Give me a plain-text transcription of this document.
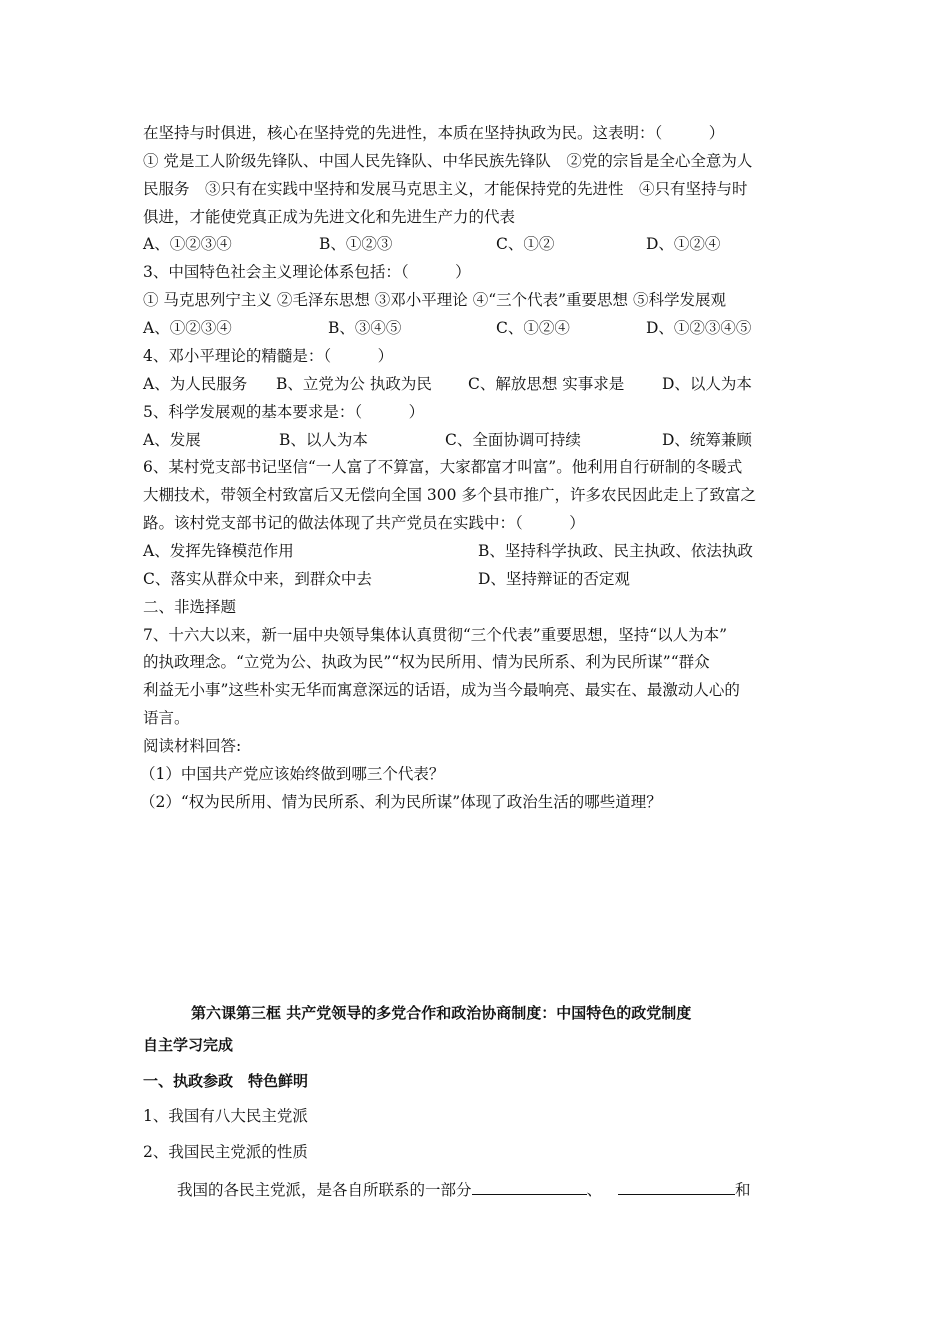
在坚持与时俱进，核心在坚持党的先进性，本质在坚持执政为民。这表明：（　　　）
① 党是工人阶级先锋队、中国人民先锋队、中华民族先锋队　②党的宗旨是全心全意为人
民服务　③只有在实践中坚持和发展马克思主义，才能保持党的先进性　④只有坚持与时
俱进，才能使党真正成为先进文化和先进生产力的代表
A、①②③④	B、①②③	C、①②	D、①②④
3、中国特色社会主义理论体系包括：（　　　）
① 马克思列宁主义 ②毛泽东思想 ③邓小平理论 ④“三个代表”重要思想 ⑤科学发展观
A、①②③④	B、③④⑤	C、①②④	D、①②③④⑤
4、邓小平理论的精髓是：（　　　）
A、为人民服务 B、立党为公 执政为民 C、解放思想 实事求是 D、以人为本
5、科学发展观的基本要求是：（　　　）
A、发展	B、以人为本	C、全面协调可持续	D、统筹兼顾
6、某村党支部书记坚信“一人富了不算富，大家都富才叫富”。他利用自行研制的冬暖式
大棚技术，带领全村致富后又无偿向全国 300 多个县市推广，许多农民因此走上了致富之
路。该村党支部书记的做法体现了共产党员在实践中：（　　　）
A、发挥先锋模范作用	B、坚持科学执政、民主执政、依法执政
C、落实从群众中来，到群众中去	D、坚持辩证的否定观
二、非选择题
7、十六大以来，新一届中央领导集体认真贯彻“三个代表”重要思想，坚持“以人为本”
的执政理念。“立党为公、执政为民”“权为民所用、情为民所系、利为民所谋”“群众
利益无小事”这些朴实无华而寓意深远的话语，成为当今最响亮、最实在、最激动人心的
语言。
阅读材料回答:
（1）中国共产党应该始终做到哪三个代表？
（2）“权为民所用、情为民所系、利为民所谋”体现了政治生活的哪些道理？
第六课第三框 共产党领导的多党合作和政治协商制度：中国特色的政党制度
自主学习完成
一、执政参政　特色鲜明
1、我国有八大民主党派
2、我国民主党派的性质
我国的各民主党派，是各自所联系的一部分	、	和
